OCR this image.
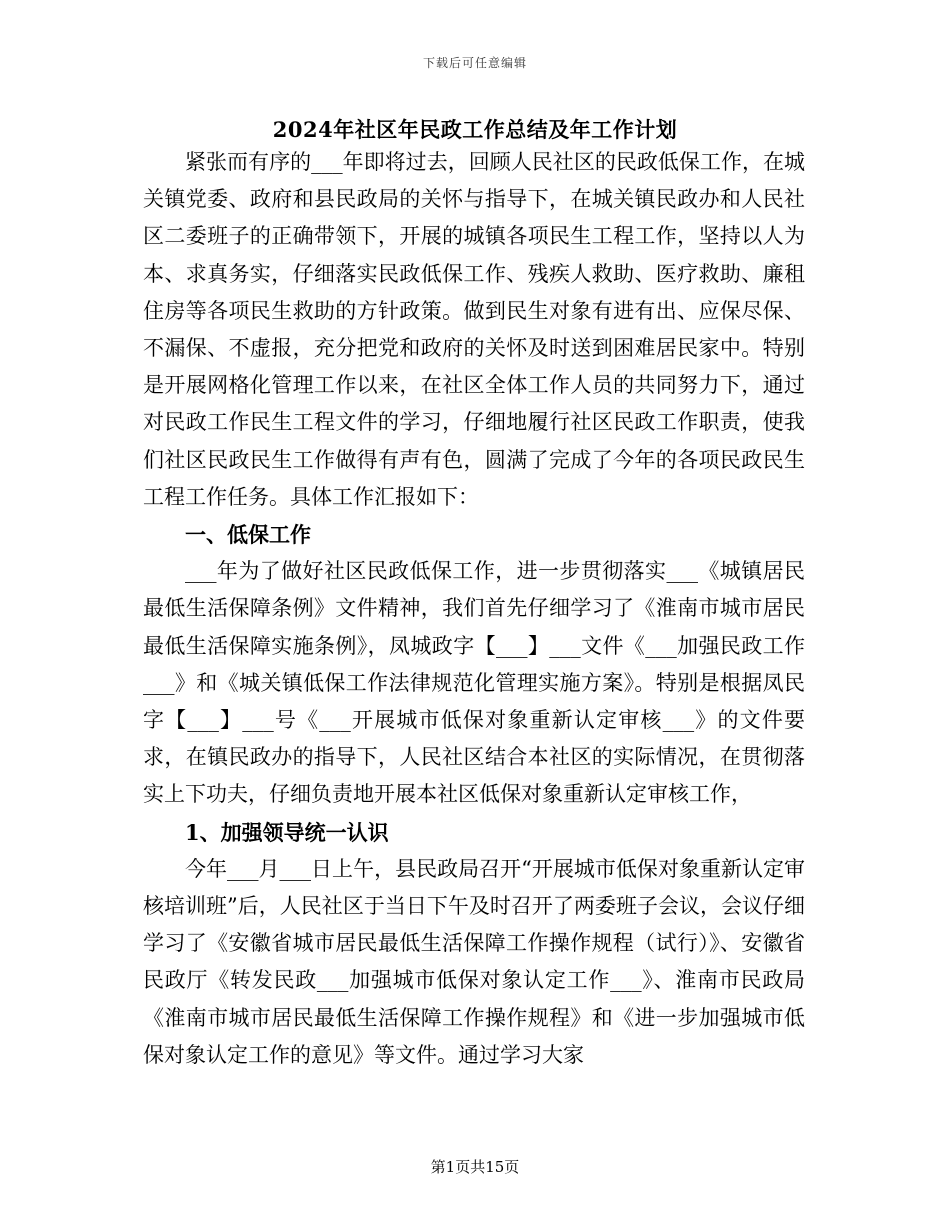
下载后可任意编辑
2024年社区年民政工作总结及年工作计划

紧张而有序的___年即将过去，回顾人民社区的民政低保工作，在城关镇党委、政府和县民政局的关怀与指导下，在城关镇民政办和人民社区二委班子的正确带领下，开展的城镇各项民生工程工作，坚持以人为本、求真务实，仔细落实民政低保工作、残疾人救助、医疗救助、廉租住房等各项民生救助的方针政策。做到民生对象有进有出、应保尽保、不漏保、不虚报，充分把党和政府的关怀及时送到困难居民家中。特别是开展网格化管理工作以来，在社区全体工作人员的共同努力下，通过对民政工作民生工程文件的学习，仔细地履行社区民政工作职责，使我们社区民政民生工作做得有声有色，圆满了完成了今年的各项民政民生工程工作任务。具体工作汇报如下：

一、低保工作

___年为了做好社区民政低保工作，进一步贯彻落实___《城镇居民最低生活保障条例》文件精神，我们首先仔细学习了《淮南市城市居民最低生活保障实施条例》，凤城政字【___】___文件《___加强民政工作___》和《城关镇低保工作法律规范化管理实施方案》。特别是根据凤民字【___】___号《___开展城市低保对象重新认定审核___》的文件要求，在镇民政办的指导下，人民社区结合本社区的实际情况，在贯彻落实上下功夫，仔细负责地开展本社区低保对象重新认定审核工作，

1、加强领导统一认识

今年___月___日上午，县民政局召开“开展城市低保对象重新认定审核培训班”后，人民社区于当日下午及时召开了两委班子会议，会议仔细学习了《安徽省城市居民最低生活保障工作操作规程（试行）》、安徽省民政厅《转发民政___加强城市低保对象认定工作___》、淮南市民政局《淮南市城市居民最低生活保障工作操作规程》和《进一步加强城市低保对象认定工作的意见》等文件。通过学习大家

第1页共15页
